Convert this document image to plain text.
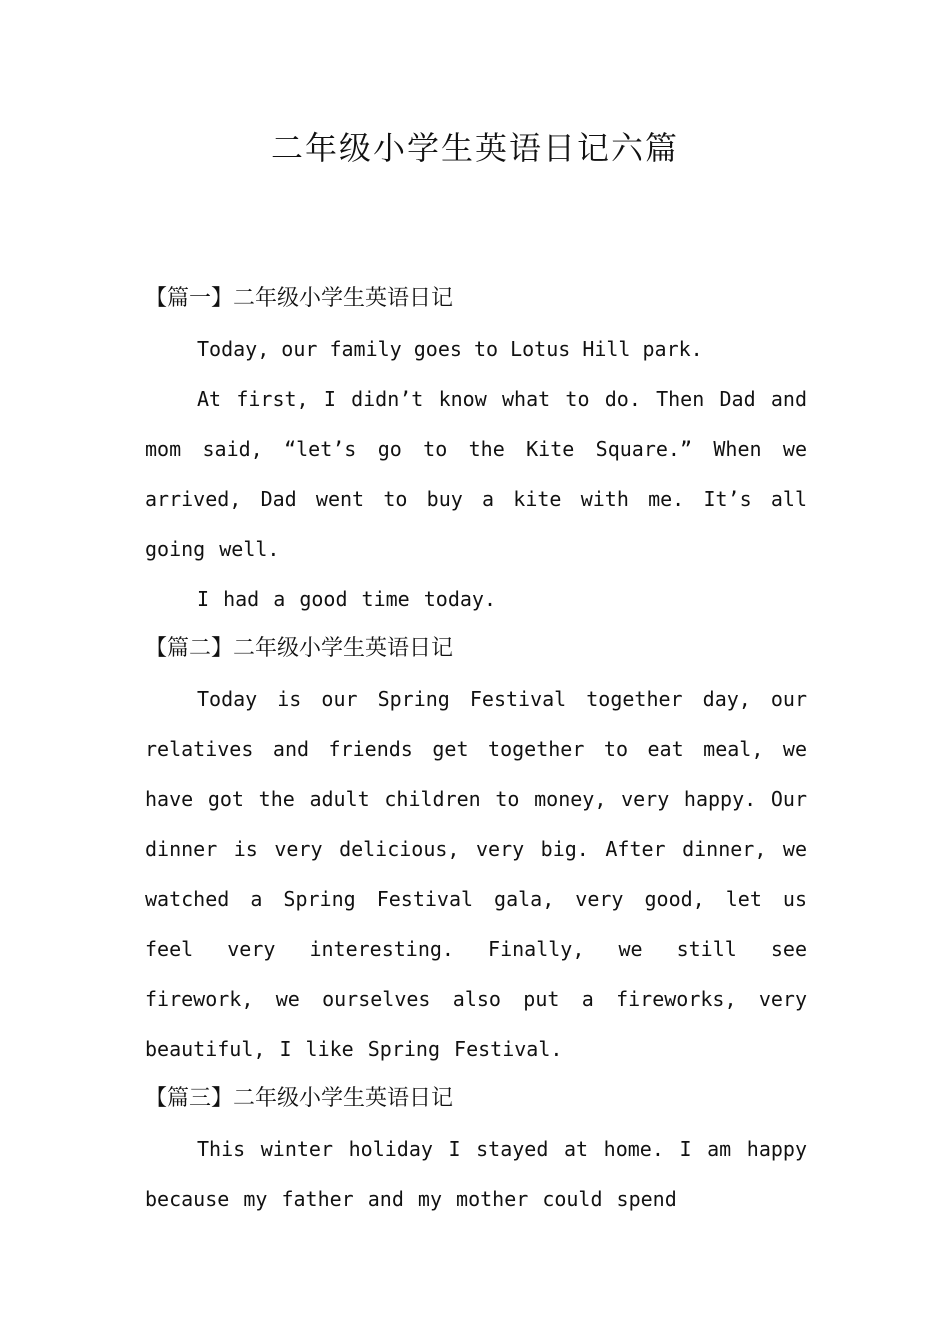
二年级小学生英语日记六篇
【篇一】二年级小学生英语日记

Today, our family goes to Lotus Hill park.

At first, I didn’t know what to do. Then Dad and mom said, “let’s go to the Kite Square.” When we arrived, Dad went to buy a kite with me. It’s all going well.

I had a good time today.

【篇二】二年级小学生英语日记

Today is our Spring Festival together day, our relatives and friends get together to eat meal, we have got the adult children to money, very happy. Our dinner is very delicious, very big. After dinner, we watched a Spring Festival gala, very good, let us feel very interesting. Finally, we still see firework, we ourselves also put a fireworks, very beautiful, I like Spring Festival.

【篇三】二年级小学生英语日记

This winter holiday I stayed at home. I am happy because my father and my mother could spend
